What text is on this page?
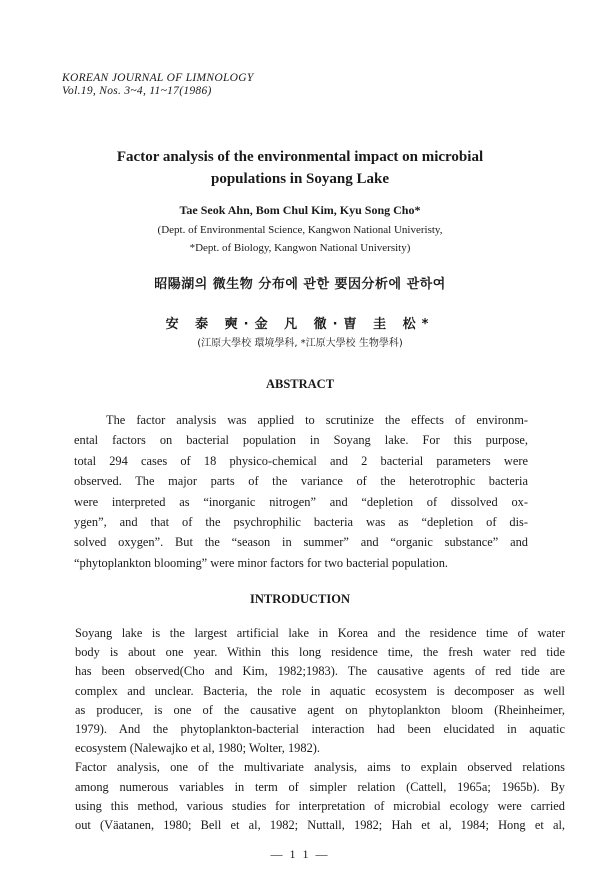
KOREAN JOURNAL OF LIMNOLOGY
Vol.19, Nos. 3~4, 11~17(1986)
Factor analysis of the environmental impact on microbial
populations in Soyang Lake
Tae Seok Ahn, Bom Chul Kim, Kyu Song Cho*
(Dept. of Environmental Science, Kangwon National Univeristy,
*Dept. of Biology, Kangwon National University)
昭陽湖의 微生物 分布에 관한 要因分析에 관하여
安 泰 奭·金 凡 徹·曺 圭 松*
(江原大學校 環境學科, *江原大學校 生物學科)
ABSTRACT
The factor analysis was applied to scrutinize the effects of environm-
ental factors on bacterial population in Soyang lake. For this purpose,
total 294 cases of 18 physico-chemical and 2 bacterial parameters were
observed. The major parts of the variance of the heterotrophic bacteria
were interpreted as “inorganic nitrogen” and “depletion of dissolved ox-
ygen”, and that of the psychrophilic bacteria was as “depletion of dis-
solved oxygen”. But the “season in summer” and “organic substance” and
“phytoplankton blooming” were minor factors for two bacterial population.
INTRODUCTION
Soyang lake is the largest artificial lake in Korea and the residence time of water
body is about one year. Within this long residence time, the fresh water red tide
has been observed(Cho and Kim, 1982;1983). The causative agents of red tide are
complex and unclear. Bacteria, the role in aquatic ecosystem is decomposer as well
as producer, is one of the causative agent on phytoplankton bloom (Rheinheimer,
1979). And the phytoplankton-bacterial interaction had been elucidated in aquatic
ecosystem (Nalewajko et al, 1980; Wolter, 1982).
Factor analysis, one of the multivariate analysis, aims to explain observed relations
among numerous variables in term of simpler relation (Cattell, 1965a; 1965b). By
using this method, various studies for interpretation of microbial ecology were carried
out (Väatanen, 1980; Bell et al, 1982; Nuttall, 1982; Hah et al, 1984; Hong et al,
— 1 1 —
